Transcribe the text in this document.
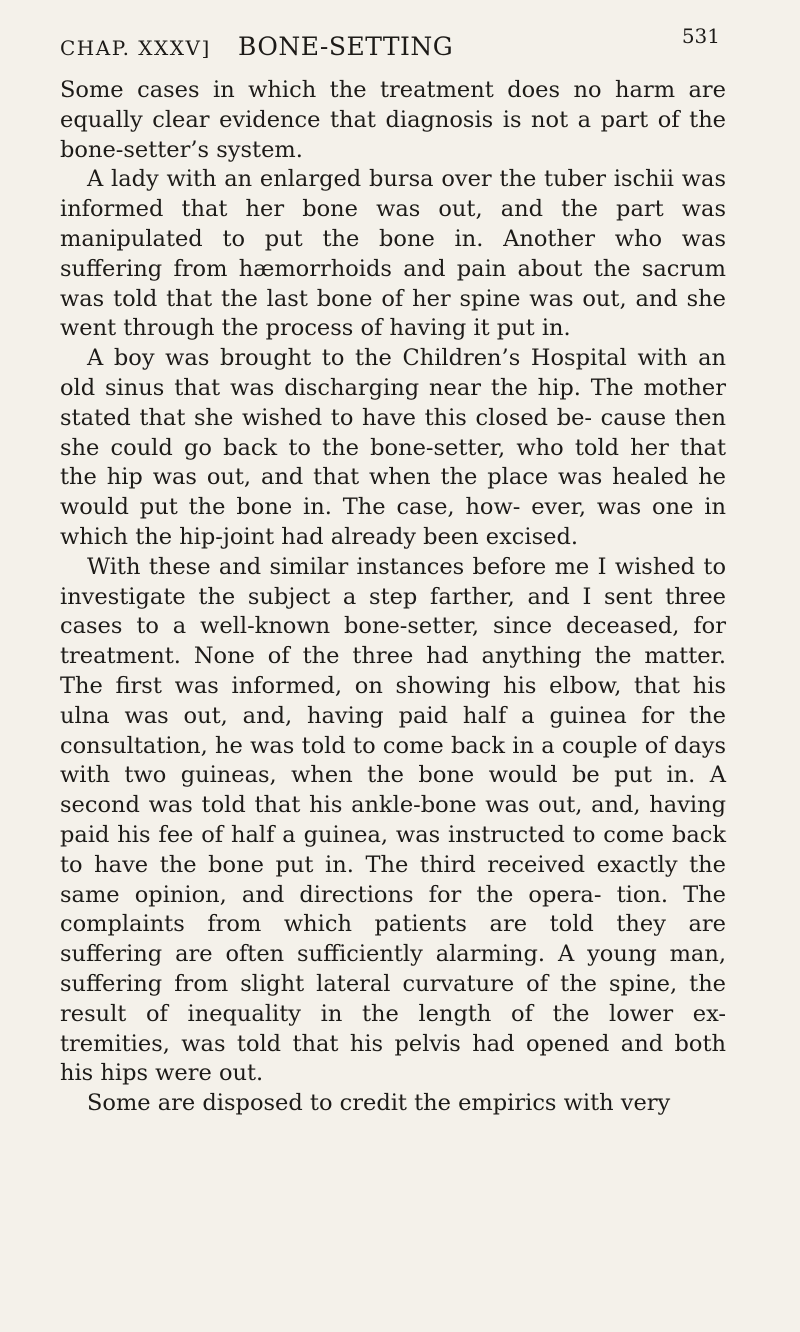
CHAP. XXXV] BONE-SETTING	531

Some cases in which the treatment does no harm are equally clear evidence that diagnosis is not a part of the bone-setter’s system.

A lady with an enlarged bursa over the tuber ischii was informed that her bone was out, and the part was manipulated to put the bone in. Another who was suffering from hæmorrhoids and pain about the sacrum was told that the last bone of her spine was out, and she went through the process of having it put in.

A boy was brought to the Children’s Hospital with an old sinus that was discharging near the hip. The mother stated that she wished to have this closed be- cause then she could go back to the bone-setter, who told her that the hip was out, and that when the place was healed he would put the bone in. The case, how- ever, was one in which the hip-joint had already been excised.

With these and similar instances before me I wished to investigate the subject a step farther, and I sent three cases to a well-known bone-setter, since deceased, for treatment. None of the three had anything the matter. The first was informed, on showing his elbow, that his ulna was out, and, having paid half a guinea for the consultation, he was told to come back in a couple of days with two guineas, when the bone would be put in. A second was told that his ankle-bone was out, and, having paid his fee of half a guinea, was instructed to come back to have the bone put in. The third received exactly the same opinion, and directions for the opera- tion. The complaints from which patients are told they are suffering are often sufficiently alarming. A young man, suffering from slight lateral curvature of the spine, the result of inequality in the length of the lower ex- tremities, was told that his pelvis had opened and both his hips were out.

Some are disposed to credit the empirics with very
